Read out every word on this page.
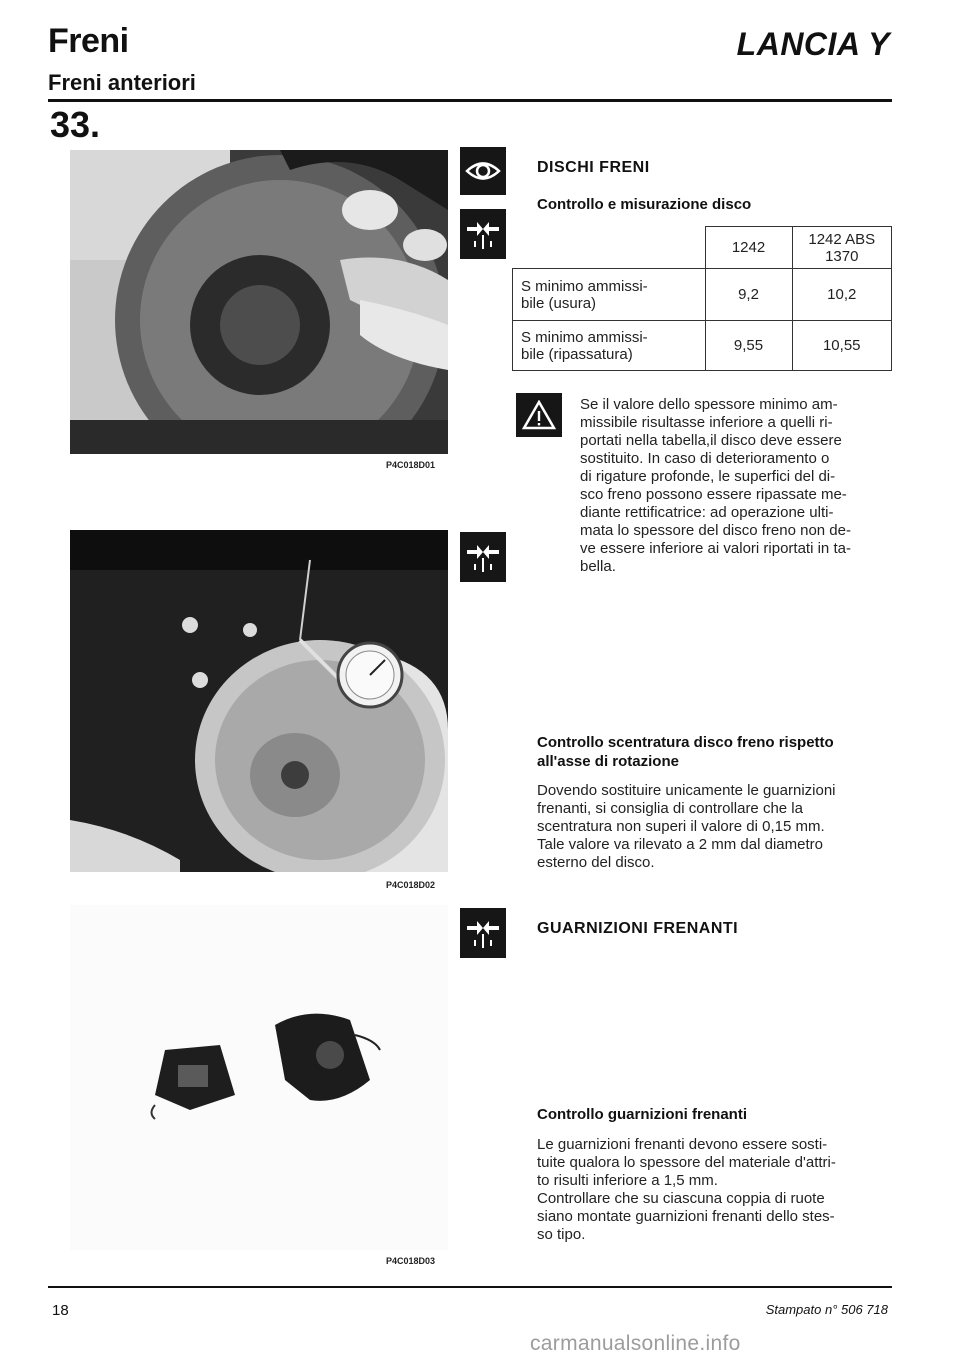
Freni
Freni anteriori
LANCIA Y
33.
P4C018D01
P4C018D02
P4C018D03
DISCHI FRENI
Controllo e misurazione disco
	1242	1242 ABS
1370

S minimo ammissi-
bile (usura)	9,2	10,2

S minimo ammissi-
bile (ripassatura)	9,55	10,55
Se il valore dello spessore minimo am-
missibile risultasse inferiore a quelli ri-
portati nella tabella,il disco deve essere
sostituito. In caso di deterioramento o
di rigature profonde, le superfici del di-
sco freno possono essere ripassate me-
diante rettificatrice: ad operazione ulti-
mata lo spessore del disco freno non de-
ve essere inferiore ai valori riportati in ta-
bella.
Controllo scentratura disco freno rispetto
all'asse di rotazione
Dovendo sostituire unicamente le guarnizioni
frenanti, si consiglia di controllare che la
scentratura non superi il valore di 0,15 mm.
Tale valore va rilevato a 2 mm dal diametro
esterno del disco.
GUARNIZIONI FRENANTI
Controllo guarnizioni frenanti
Le guarnizioni frenanti devono essere sosti-
tuite qualora lo spessore del materiale d'attri-
to risulti inferiore a 1,5 mm.
Controllare che su ciascuna coppia di ruote
siano montate guarnizioni frenanti dello stes-
so tipo.
18	Stampato n° 506 718
carmanualsonline.info
